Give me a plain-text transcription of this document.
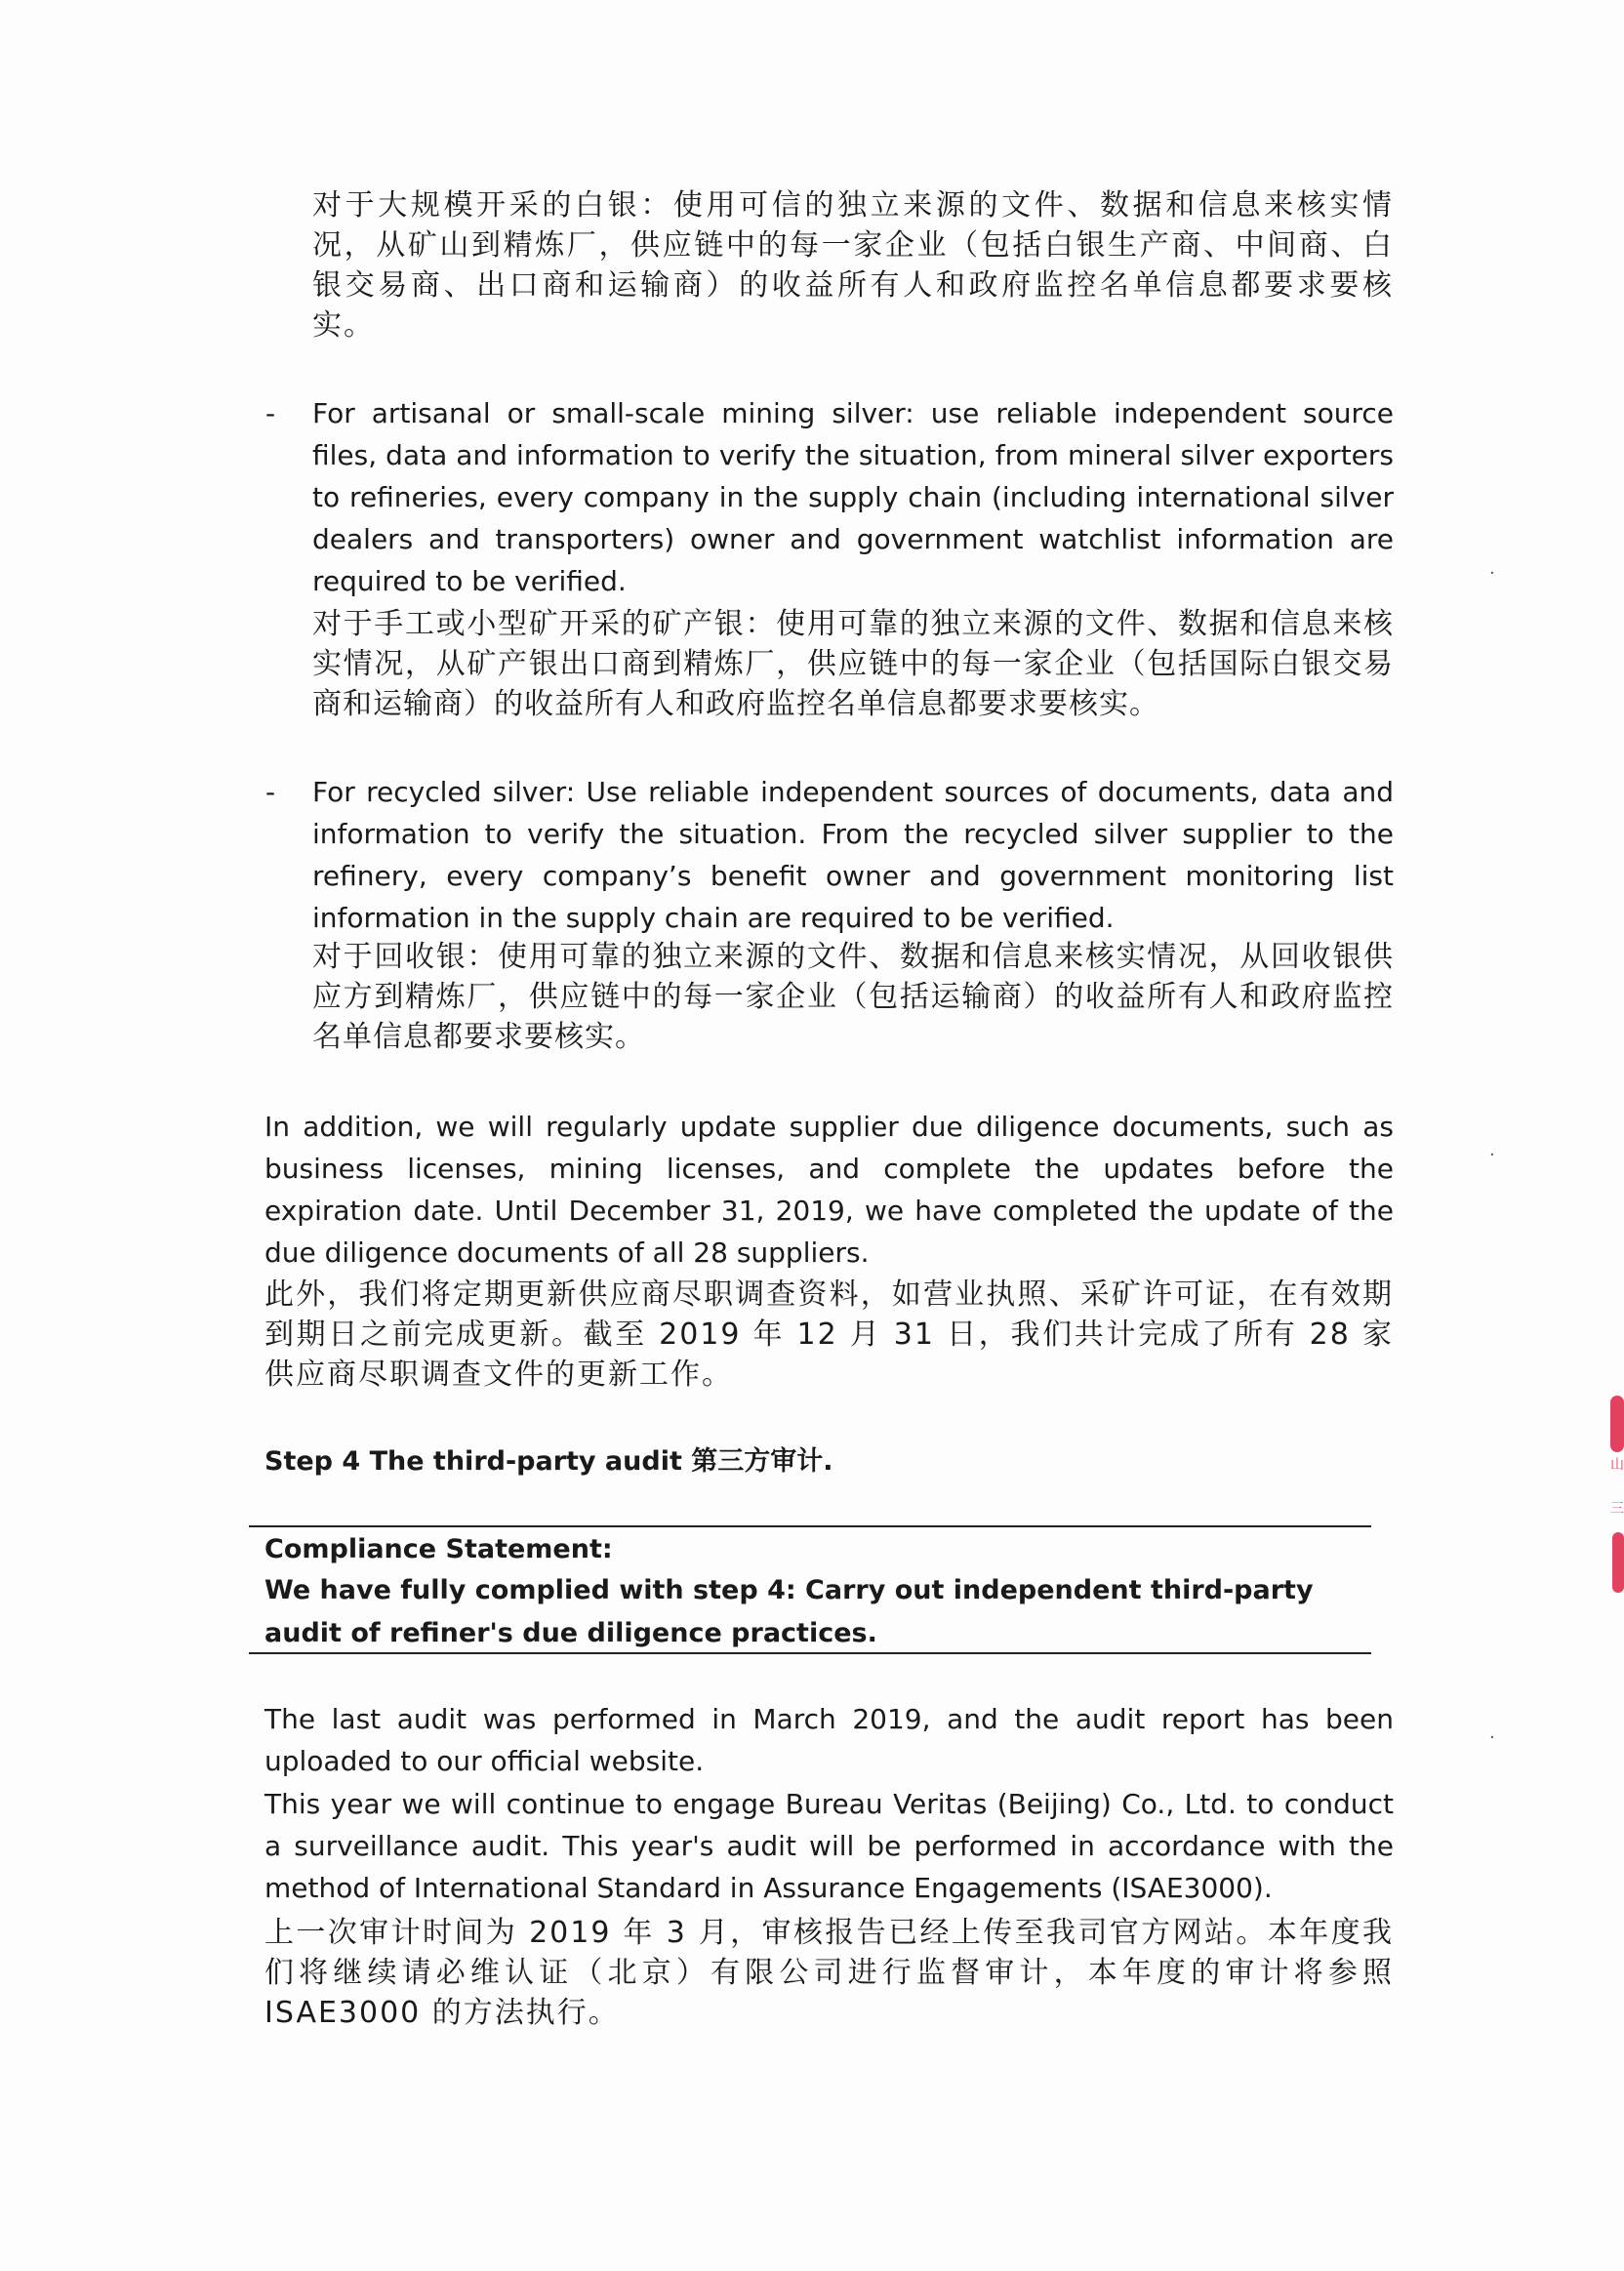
对于大规模开采的白银：使用可信的独立来源的文件、数据和信息来核实情况，从矿山到精炼厂，供应链中的每一家企业（包括白银生产商、中间商、白银交易商、出口商和运输商）的收益所有人和政府监控名单信息都要求要核实。
- For artisanal or small-scale mining silver: use reliable independent source files, data and information to verify the situation, from mineral silver exporters to refineries, every company in the supply chain (including international silver dealers and transporters) owner and government watchlist information are required to be verified.
对于手工或小型矿开采的矿产银：使用可靠的独立来源的文件、数据和信息来核实情况，从矿产银出口商到精炼厂，供应链中的每一家企业（包括国际白银交易商和运输商）的收益所有人和政府监控名单信息都要求要核实。
- For recycled silver: Use reliable independent sources of documents, data and information to verify the situation. From the recycled silver supplier to the refinery, every company’s benefit owner and government monitoring list information in the supply chain are required to be verified.
对于回收银：使用可靠的独立来源的文件、数据和信息来核实情况，从回收银供应方到精炼厂，供应链中的每一家企业（包括运输商）的收益所有人和政府监控名单信息都要求要核实。
In addition, we will regularly update supplier due diligence documents, such as business licenses, mining licenses, and complete the updates before the expiration date. Until December 31, 2019, we have completed the update of the due diligence documents of all 28 suppliers.
此外，我们将定期更新供应商尽职调查资料，如营业执照、采矿许可证，在有效期到期日之前完成更新。截至 2019 年 12 月 31 日，我们共计完成了所有 28 家供应商尽职调查文件的更新工作。
Step 4 The third-party audit 第三方审计.
Compliance Statement:
We have fully complied with step 4: Carry out independent third-party audit of refiner's due diligence practices.
The last audit was performed in March 2019, and the audit report has been uploaded to our official website.
This year we will continue to engage Bureau Veritas (Beijing) Co., Ltd. to conduct a surveillance audit. This year's audit will be performed in accordance with the method of International Standard in Assurance Engagements (ISAE3000).
上一次审计时间为 2019 年 3 月，审核报告已经上传至我司官方网站。本年度我们将继续请必维认证（北京）有限公司进行监督审计，本年度的审计将参照 ISAE3000 的方法执行。
.
.
.
山
三
